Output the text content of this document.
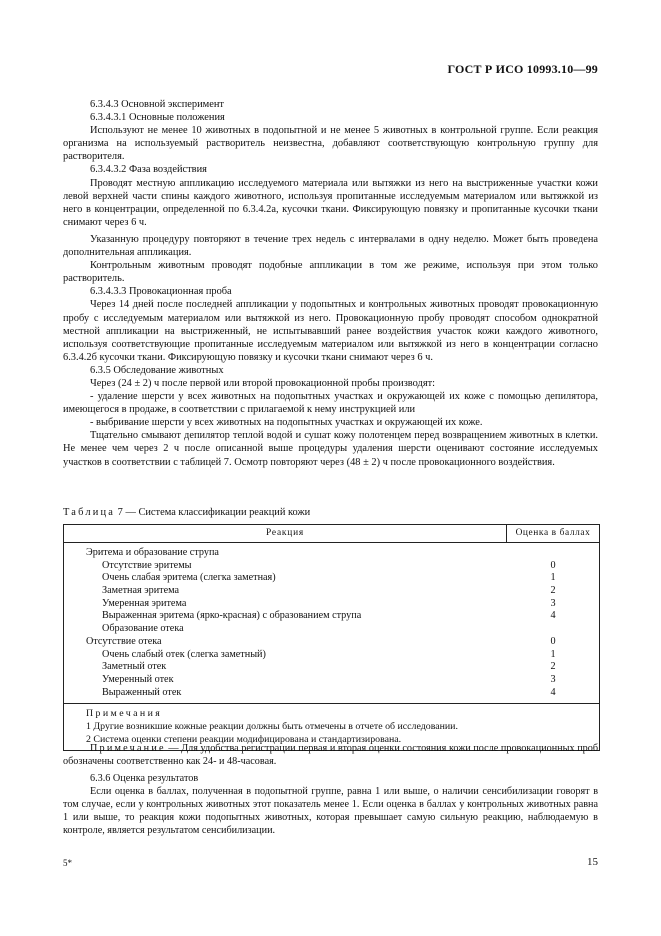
ГОСТ Р ИСО 10993.10—99

6.3.4.3 Основной эксперимент

6.3.4.3.1 Основные положения

Используют не менее 10 животных в подопытной и не менее 5 животных в контрольной группе. Если реакция организма на используемый растворитель неизвестна, добавляют соответствующую контрольную группу для растворителя.

6.3.4.3.2 Фаза воздействия

Проводят местную аппликацию исследуемого материала или вытяжки из него на выстриженные участки кожи левой верхней части спины каждого животного, используя пропитанные исследуемым материалом или вытяжкой из него в концентрации, определенной по 6.3.4.2а, кусочки ткани. Фиксирующую повязку и пропитанные кусочки ткани снимают через 6 ч.

Указанную процедуру повторяют в течение трех недель с интервалами в одну неделю. Может быть проведена дополнительная аппликация.

Контрольным животным проводят подобные аппликации в том же режиме, используя при этом только растворитель.

6.3.4.3.3 Провокационная проба

Через 14 дней после последней аппликации у подопытных и контрольных животных проводят провокационную пробу с исследуемым материалом или вытяжкой из него. Провокационную пробу проводят способом однократной местной аппликации на выстриженный, не испытывавший ранее воздействия участок кожи каждого животного, используя соответствующие пропитанные исследуемым материалом или вытяжкой из него в концентрации согласно 6.3.4.2б кусочки ткани. Фиксирующую повязку и кусочки ткани снимают через 6 ч.

6.3.5 Обследование животных

Через (24 ± 2) ч после первой или второй провокационной пробы производят:

- удаление шерсти у всех животных на подопытных участках и окружающей их коже с помощью депилятора, имеющегося в продаже, в соответствии с прилагаемой к нему инструкцией или

- выбривание шерсти у всех животных на подопытных участках и окружающей их коже.

Тщательно смывают депилятор теплой водой и сушат кожу полотенцем перед возвращением животных в клетки. Не менее чем через 2 ч после описанной выше процедуры удаления шерсти оценивают состояние исследуемых участков в соответствии с таблицей 7. Осмотр повторяют через (48 ± 2) ч после провокационного воздействия.

Таблица 7 — Система классификации реакций кожи
Реакция	Оценка в баллах
Эритема и образование струпа
Отсутствие эритемы
Очень слабая эритема (слегка заметная)
Заметная эритема
Умеренная эритема
Выраженная эритема (ярко-красная) с образованием струпа
Образование отека
Отсутствие отека
Очень слабый отек (слегка заметный)
Заметный отек
Умеренный отек
Выраженный отек
0
1
2
3
4
0
1
2
3
4
Примечания
1 Другие возникшие кожные реакции должны быть отмечены в отчете об исследовании.
2 Система оценки степени реакции модифицирована и стандартизирована.

Примечание — Для удобства регистрации первая и вторая оценки состояния кожи после провокационных проб обозначены соответственно как 24- и 48-часовая.

6.3.6 Оценка результатов

Если оценка в баллах, полученная в подопытной группе, равна 1 или выше, о наличии сенсибилизации говорят в том случае, если у контрольных животных этот показатель менее 1. Если оценка в баллах у контрольных животных равна 1 или выше, то реакция кожи подопытных животных, которая превышает самую сильную реакцию, наблюдаемую в контроле, является результатом сенсибилизации.

5*	15
